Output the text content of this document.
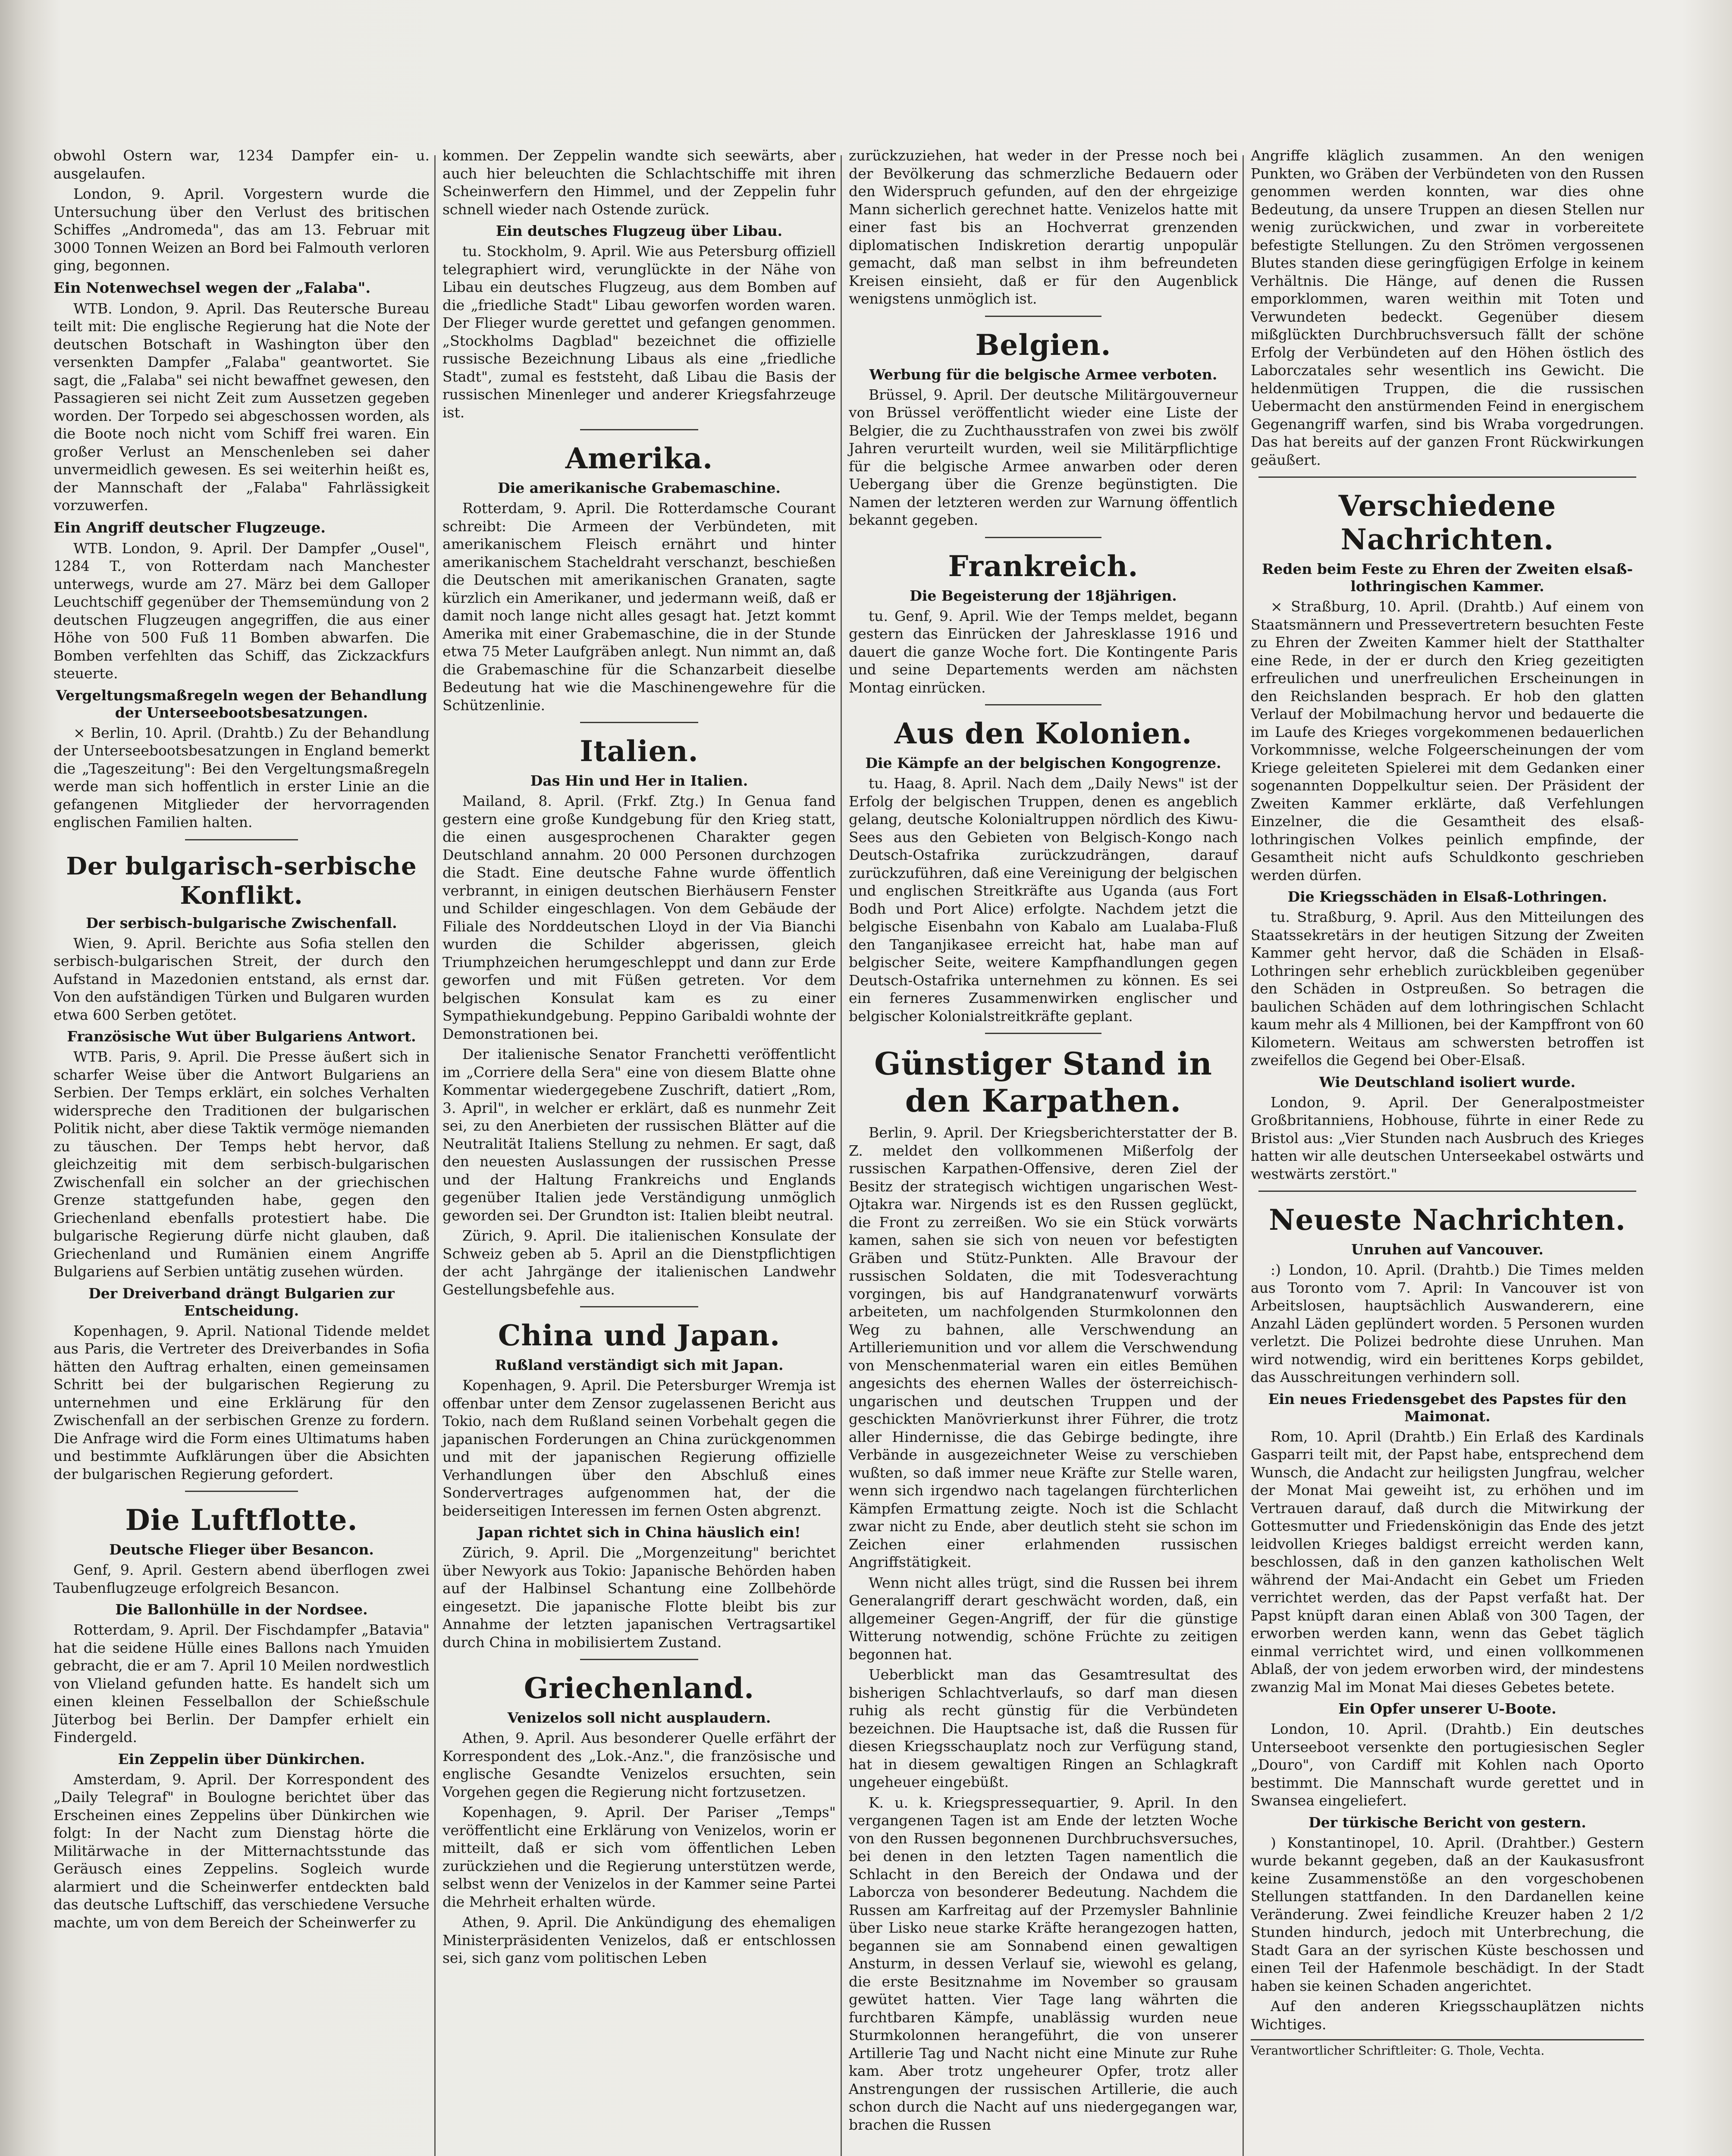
obwohl Ostern war, 1234 Dampfer ein- u. ausgelaufen.

London, 9. April. Vorgestern wurde die Untersuchung über den Verlust des britischen Schiffes „Andromeda", das am 13. Februar mit 3000 Tonnen Weizen an Bord bei Falmouth verloren ging, begonnen.

Ein Notenwechsel wegen der „Falaba".

WTB. London, 9. April. Das Reutersche Bureau teilt mit: Die englische Regierung hat die Note der deutschen Botschaft in Washington über den versenkten Dampfer „Falaba" geantwortet. Sie sagt, die „Falaba" sei nicht bewaffnet gewesen, den Passagieren sei nicht Zeit zum Aussetzen gegeben worden. Der Torpedo sei abgeschossen worden, als die Boote noch nicht vom Schiff frei waren. Ein großer Verlust an Menschenleben sei daher unvermeidlich gewesen. Es sei weiterhin heißt es, der Mannschaft der „Falaba" Fahrlässigkeit vorzuwerfen.

Ein Angriff deutscher Flugzeuge.

WTB. London, 9. April. Der Dampfer „Ousel", 1284 T., von Rotterdam nach Manchester unterwegs, wurde am 27. März bei dem Galloper Leuchtschiff gegenüber der Themsemündung von 2 deutschen Flugzeugen angegriffen, die aus einer Höhe von 500 Fuß 11 Bomben abwarfen. Die Bomben verfehlten das Schiff, das Zickzackfurs steuerte.

Vergeltungsmaßregeln wegen der Behandlung der Unterseebootsbesatzungen.

× Berlin, 10. April. (Drahtb.) Zu der Behandlung der Unterseebootsbesatzungen in England bemerkt die „Tageszeitung": Bei den Vergeltungsmaßregeln werde man sich hoffentlich in erster Linie an die gefangenen Mitglieder der hervorragenden englischen Familien halten.

Der bulgarisch-serbische Konflikt.
Der serbisch-bulgarische Zwischenfall.

Wien, 9. April. Berichte aus Sofia stellen den serbisch-bulgarischen Streit, der durch den Aufstand in Mazedonien entstand, als ernst dar. Von den aufständigen Türken und Bulgaren wurden etwa 600 Serben getötet.

Französische Wut über Bulgariens Antwort.

WTB. Paris, 9. April. Die Presse äußert sich in scharfer Weise über die Antwort Bulgariens an Serbien. Der Temps erklärt, ein solches Verhalten widerspreche den Traditionen der bulgarischen Politik nicht, aber diese Taktik vermöge niemanden zu täuschen. Der Temps hebt hervor, daß gleichzeitig mit dem serbisch-bulgarischen Zwischenfall ein solcher an der griechischen Grenze stattgefunden habe, gegen den Griechenland ebenfalls protestiert habe. Die bulgarische Regierung dürfe nicht glauben, daß Griechenland und Rumänien einem Angriffe Bulgariens auf Serbien untätig zusehen würden.

Der Dreiverband drängt Bulgarien zur Entscheidung.

Kopenhagen, 9. April. National Tidende meldet aus Paris, die Vertreter des Dreiverbandes in Sofia hätten den Auftrag erhalten, einen gemeinsamen Schritt bei der bulgarischen Regierung zu unternehmen und eine Erklärung für den Zwischenfall an der serbischen Grenze zu fordern. Die Anfrage wird die Form eines Ultimatums haben und bestimmte Aufklärungen über die Absichten der bulgarischen Regierung gefordert.

Die Luftflotte.
Deutsche Flieger über Besancon.

Genf, 9. April. Gestern abend überflogen zwei Taubenflugzeuge erfolgreich Besancon.

Die Ballonhülle in der Nordsee.

Rotterdam, 9. April. Der Fischdampfer „Batavia" hat die seidene Hülle eines Ballons nach Ymuiden gebracht, die er am 7. April 10 Meilen nordwestlich von Vlieland gefunden hatte. Es handelt sich um einen kleinen Fesselballon der Schießschule Jüterbog bei Berlin. Der Dampfer erhielt ein Findergeld.

Ein Zeppelin über Dünkirchen.

Amsterdam, 9. April. Der Korrespondent des „Daily Telegraf" in Boulogne berichtet über das Erscheinen eines Zeppelins über Dünkirchen wie folgt: In der Nacht zum Dienstag hörte die Militärwache in der Mitternachtsstunde das Geräusch eines Zeppelins. Sogleich wurde alarmiert und die Scheinwerfer entdeckten bald das deutsche Luftschiff, das verschiedene Versuche machte, um von dem Bereich der Scheinwerfer zu

kommen. Der Zeppelin wandte sich seewärts, aber auch hier beleuchten die Schlachtschiffe mit ihren Scheinwerfern den Himmel, und der Zeppelin fuhr schnell wieder nach Ostende zurück.

Ein deutsches Flugzeug über Libau.

tu. Stockholm, 9. April. Wie aus Petersburg offiziell telegraphiert wird, verunglückte in der Nähe von Libau ein deutsches Flugzeug, aus dem Bomben auf die „friedliche Stadt" Libau geworfen worden waren. Der Flieger wurde gerettet und gefangen genommen. „Stockholms Dagblad" bezeichnet die offizielle russische Bezeichnung Libaus als eine „friedliche Stadt", zumal es feststeht, daß Libau die Basis der russischen Minenleger und anderer Kriegsfahrzeuge ist.

Amerika.
Die amerikanische Grabemaschine.

Rotterdam, 9. April. Die Rotterdamsche Courant schreibt: Die Armeen der Verbündeten, mit amerikanischem Fleisch ernährt und hinter amerikanischem Stacheldraht verschanzt, beschießen die Deutschen mit amerikanischen Granaten, sagte kürzlich ein Amerikaner, und jedermann weiß, daß er damit noch lange nicht alles gesagt hat. Jetzt kommt Amerika mit einer Grabemaschine, die in der Stunde etwa 75 Meter Laufgräben anlegt. Nun nimmt an, daß die Grabemaschine für die Schanzarbeit dieselbe Bedeutung hat wie die Maschinengewehre für die Schützenlinie.

Italien.
Das Hin und Her in Italien.

Mailand, 8. April. (Frkf. Ztg.) In Genua fand gestern eine große Kundgebung für den Krieg statt, die einen ausgesprochenen Charakter gegen Deutschland annahm. 20 000 Personen durchzogen die Stadt. Eine deutsche Fahne wurde öffentlich verbrannt, in einigen deutschen Bierhäusern Fenster und Schilder eingeschlagen. Von dem Gebäude der Filiale des Norddeutschen Lloyd in der Via Bianchi wurden die Schilder abgerissen, gleich Triumphzeichen herumgeschleppt und dann zur Erde geworfen und mit Füßen getreten. Vor dem belgischen Konsulat kam es zu einer Sympathiekundgebung. Peppino Garibaldi wohnte der Demonstrationen bei.

Der italienische Senator Franchetti veröffentlicht im „Corriere della Sera" eine von diesem Blatte ohne Kommentar wiedergegebene Zuschrift, datiert „Rom, 3. April", in welcher er erklärt, daß es nunmehr Zeit sei, zu den Anerbieten der russischen Blätter auf die Neutralität Italiens Stellung zu nehmen. Er sagt, daß den neuesten Auslassungen der russischen Presse und der Haltung Frankreichs und Englands gegenüber Italien jede Verständigung unmöglich geworden sei. Der Grundton ist: Italien bleibt neutral.

Zürich, 9. April. Die italienischen Konsulate der Schweiz geben ab 5. April an die Dienstpflichtigen der acht Jahrgänge der italienischen Landwehr Gestellungsbefehle aus.

China und Japan.
Rußland verständigt sich mit Japan.

Kopenhagen, 9. April. Die Petersburger Wremja ist offenbar unter dem Zensor zugelassenen Bericht aus Tokio, nach dem Rußland seinen Vorbehalt gegen die japanischen Forderungen an China zurückgenommen und mit der japanischen Regierung offizielle Verhandlungen über den Abschluß eines Sondervertrages aufgenommen hat, der die beiderseitigen Interessen im fernen Osten abgrenzt.

Japan richtet sich in China häuslich ein!

Zürich, 9. April. Die „Morgenzeitung" berichtet über Newyork aus Tokio: Japanische Behörden haben auf der Halbinsel Schantung eine Zollbehörde eingesetzt. Die japanische Flotte bleibt bis zur Annahme der letzten japanischen Vertragsartikel durch China in mobilisiertem Zustand.

Griechenland.
Venizelos soll nicht ausplaudern.

Athen, 9. April. Aus besonderer Quelle erfährt der Korrespondent des „Lok.-Anz.", die französische und englische Gesandte Venizelos ersuchten, sein Vorgehen gegen die Regierung nicht fortzusetzen.

Kopenhagen, 9. April. Der Pariser „Temps" veröffentlicht eine Erklärung von Venizelos, worin er mitteilt, daß er sich vom öffentlichen Leben zurückziehen und die Regierung unterstützen werde, selbst wenn der Venizelos in der Kammer seine Partei die Mehrheit erhalten würde.

Athen, 9. April. Die Ankündigung des ehemaligen Ministerpräsidenten Venizelos, daß er entschlossen sei, sich ganz vom politischen Leben

zurückzuziehen, hat weder in der Presse noch bei der Bevölkerung das schmerzliche Bedauern oder den Widerspruch gefunden, auf den der ehrgeizige Mann sicherlich gerechnet hatte. Venizelos hatte mit einer fast bis an Hochverrat grenzenden diplomatischen Indiskretion derartig unpopulär gemacht, daß man selbst in ihm befreundeten Kreisen einsieht, daß er für den Augenblick wenigstens unmöglich ist.

Belgien.
Werbung für die belgische Armee verboten.

Brüssel, 9. April. Der deutsche Militärgouverneur von Brüssel veröffentlicht wieder eine Liste der Belgier, die zu Zuchthausstrafen von zwei bis zwölf Jahren verurteilt wurden, weil sie Militärpflichtige für die belgische Armee anwarben oder deren Uebergang über die Grenze begünstigten. Die Namen der letzteren werden zur Warnung öffentlich bekannt gegeben.

Frankreich.
Die Begeisterung der 18jährigen.

tu. Genf, 9. April. Wie der Temps meldet, begann gestern das Einrücken der Jahresklasse 1916 und dauert die ganze Woche fort. Die Kontingente Paris und seine Departements werden am nächsten Montag einrücken.

Aus den Kolonien.
Die Kämpfe an der belgischen Kongogrenze.

tu. Haag, 8. April. Nach dem „Daily News" ist der Erfolg der belgischen Truppen, denen es angeblich gelang, deutsche Kolonialtruppen nördlich des Kiwu-Sees aus den Gebieten von Belgisch-Kongo nach Deutsch-Ostafrika zurückzudrängen, darauf zurückzuführen, daß eine Vereinigung der belgischen und englischen Streitkräfte aus Uganda (aus Fort Bodh und Port Alice) erfolgte. Nachdem jetzt die belgische Eisenbahn von Kabalo am Lualaba-Fluß den Tanganjikasee erreicht hat, habe man auf belgischer Seite, weitere Kampfhandlungen gegen Deutsch-Ostafrika unternehmen zu können. Es sei ein ferneres Zusammenwirken englischer und belgischer Kolonialstreitkräfte geplant.

Günstiger Stand in den Karpathen.

Berlin, 9. April. Der Kriegsberichterstatter der B. Z. meldet den vollkommenen Mißerfolg der russischen Karpathen-Offensive, deren Ziel der Besitz der strategisch wichtigen ungarischen West-Ojtakra war. Nirgends ist es den Russen geglückt, die Front zu zerreißen. Wo sie ein Stück vorwärts kamen, sahen sie sich von neuen vor befestigten Gräben und Stütz-Punkten. Alle Bravour der russischen Soldaten, die mit Todesverachtung vorgingen, bis auf Handgranatenwurf vorwärts arbeiteten, um nachfolgenden Sturmkolonnen den Weg zu bahnen, alle Verschwendung an Artilleriemunition und vor allem die Verschwendung von Menschenmaterial waren ein eitles Bemühen angesichts des ehernen Walles der österreichisch-ungarischen und deutschen Truppen und der geschickten Manövrierkunst ihrer Führer, die trotz aller Hindernisse, die das Gebirge bedingte, ihre Verbände in ausgezeichneter Weise zu verschieben wußten, so daß immer neue Kräfte zur Stelle waren, wenn sich irgendwo nach tagelangen fürchterlichen Kämpfen Ermattung zeigte. Noch ist die Schlacht zwar nicht zu Ende, aber deutlich steht sie schon im Zeichen einer erlahmenden russischen Angriffstätigkeit.

Wenn nicht alles trügt, sind die Russen bei ihrem Generalangriff derart geschwächt worden, daß, ein allgemeiner Gegen-Angriff, der für die günstige Witterung notwendig, schöne Früchte zu zeitigen begonnen hat.

Ueberblickt man das Gesamtresultat des bisherigen Schlachtverlaufs, so darf man diesen ruhig als recht günstig für die Verbündeten bezeichnen. Die Hauptsache ist, daß die Russen für diesen Kriegsschauplatz noch zur Verfügung stand, hat in diesem gewaltigen Ringen an Schlagkraft ungeheuer eingebüßt.

K. u. k. Kriegspressequartier, 9. April. In den vergangenen Tagen ist am Ende der letzten Woche von den Russen begonnenen Durchbruchsversuches, bei denen in den letzten Tagen namentlich die Schlacht in den Bereich der Ondawa und der Laborcza von besonderer Bedeutung. Nachdem die Russen am Karfreitag auf der Przemysler Bahnlinie über Lisko neue starke Kräfte herangezogen hatten, begannen sie am Sonnabend einen gewaltigen Ansturm, in dessen Verlauf sie, wiewohl es gelang, die erste Besitznahme im November so grausam gewütet hatten. Vier Tage lang währten die furchtbaren Kämpfe, unablässig wurden neue Sturmkolonnen herangeführt, die von unserer Artillerie Tag und Nacht nicht eine Minute zur Ruhe kam. Aber trotz ungeheurer Opfer, trotz aller Anstrengungen der russischen Artillerie, die auch schon durch die Nacht auf uns niedergegangen war, brachen die Russen

Angriffe kläglich zusammen. An den wenigen Punkten, wo Gräben der Verbündeten von den Russen genommen werden konnten, war dies ohne Bedeutung, da unsere Truppen an diesen Stellen nur wenig zurückwichen, und zwar in vorbereitete befestigte Stellungen. Zu den Strömen vergossenen Blutes standen diese geringfügigen Erfolge in keinem Verhältnis. Die Hänge, auf denen die Russen emporklommen, waren weithin mit Toten und Verwundeten bedeckt. Gegenüber diesem mißglückten Durchbruchsversuch fällt der schöne Erfolg der Verbündeten auf den Höhen östlich des Laborczatales sehr wesentlich ins Gewicht. Die heldenmütigen Truppen, die die russischen Uebermacht den anstürmenden Feind in energischem Gegenangriff warfen, sind bis Wraba vorgedrungen. Das hat bereits auf der ganzen Front Rückwirkungen geäußert.

Verschiedene Nachrichten.
Reden beim Feste zu Ehren der Zweiten elsaß-lothringischen Kammer.

× Straßburg, 10. April. (Drahtb.) Auf einem von Staatsmännern und Pressevertretern besuchten Feste zu Ehren der Zweiten Kammer hielt der Statthalter eine Rede, in der er durch den Krieg gezeitigten erfreulichen und unerfreulichen Erscheinungen in den Reichslanden besprach. Er hob den glatten Verlauf der Mobilmachung hervor und bedauerte die im Laufe des Krieges vorgekommenen bedauerlichen Vorkommnisse, welche Folgeerscheinungen der vom Kriege geleiteten Spielerei mit dem Gedanken einer sogenannten Doppelkultur seien. Der Präsident der Zweiten Kammer erklärte, daß Verfehlungen Einzelner, die die Gesamtheit des elsaß-lothringischen Volkes peinlich empfinde, der Gesamtheit nicht aufs Schuldkonto geschrieben werden dürfen.

Die Kriegsschäden in Elsaß-Lothringen.

tu. Straßburg, 9. April. Aus den Mitteilungen des Staatssekretärs in der heutigen Sitzung der Zweiten Kammer geht hervor, daß die Schäden in Elsaß-Lothringen sehr erheblich zurückbleiben gegenüber den Schäden in Ostpreußen. So betragen die baulichen Schäden auf dem lothringischen Schlacht kaum mehr als 4 Millionen, bei der Kampffront von 60 Kilometern. Weitaus am schwersten betroffen ist zweifellos die Gegend bei Ober-Elsaß.

Wie Deutschland isoliert wurde.

London, 9. April. Der Generalpostmeister Großbritanniens, Hobhouse, führte in einer Rede zu Bristol aus: „Vier Stunden nach Ausbruch des Krieges hatten wir alle deutschen Unterseekabel ostwärts und westwärts zerstört."

Neueste Nachrichten.
Unruhen auf Vancouver.

:) London, 10. April. (Drahtb.) Die Times melden aus Toronto vom 7. April: In Vancouver ist von Arbeitslosen, hauptsächlich Auswanderern, eine Anzahl Läden geplündert worden. 5 Personen wurden verletzt. Die Polizei bedrohte diese Unruhen. Man wird notwendig, wird ein berittenes Korps gebildet, das Ausschreitungen verhindern soll.

Ein neues Friedensgebet des Papstes für den Maimonat.

Rom, 10. April (Drahtb.) Ein Erlaß des Kardinals Gasparri teilt mit, der Papst habe, entsprechend dem Wunsch, die Andacht zur heiligsten Jungfrau, welcher der Monat Mai geweiht ist, zu erhöhen und im Vertrauen darauf, daß durch die Mitwirkung der Gottesmutter und Friedenskönigin das Ende des jetzt leidvollen Krieges baldigst erreicht werden kann, beschlossen, daß in den ganzen katholischen Welt während der Mai-Andacht ein Gebet um Frieden verrichtet werden, das der Papst verfaßt hat. Der Papst knüpft daran einen Ablaß von 300 Tagen, der erworben werden kann, wenn das Gebet täglich einmal verrichtet wird, und einen vollkommenen Ablaß, der von jedem erworben wird, der mindestens zwanzig Mal im Monat Mai dieses Gebetes betete.

Ein Opfer unserer U-Boote.

London, 10. April. (Drahtb.) Ein deutsches Unterseeboot versenkte den portugiesischen Segler „Douro", von Cardiff mit Kohlen nach Oporto bestimmt. Die Mannschaft wurde gerettet und in Swansea eingeliefert.

Der türkische Bericht von gestern.

) Konstantinopel, 10. April. (Drahtber.) Gestern wurde bekannt gegeben, daß an der Kaukasusfront keine Zusammenstöße an den vorgeschobenen Stellungen stattfanden. In den Dardanellen keine Veränderung. Zwei feindliche Kreuzer haben 2 1/2 Stunden hindurch, jedoch mit Unterbrechung, die Stadt Gara an der syrischen Küste beschossen und einen Teil der Hafenmole beschädigt. In der Stadt haben sie keinen Schaden angerichtet.

Auf den anderen Kriegsschauplätzen nichts Wichtiges.

Verantwortlicher Schriftleiter: G. Thole, Vechta.
